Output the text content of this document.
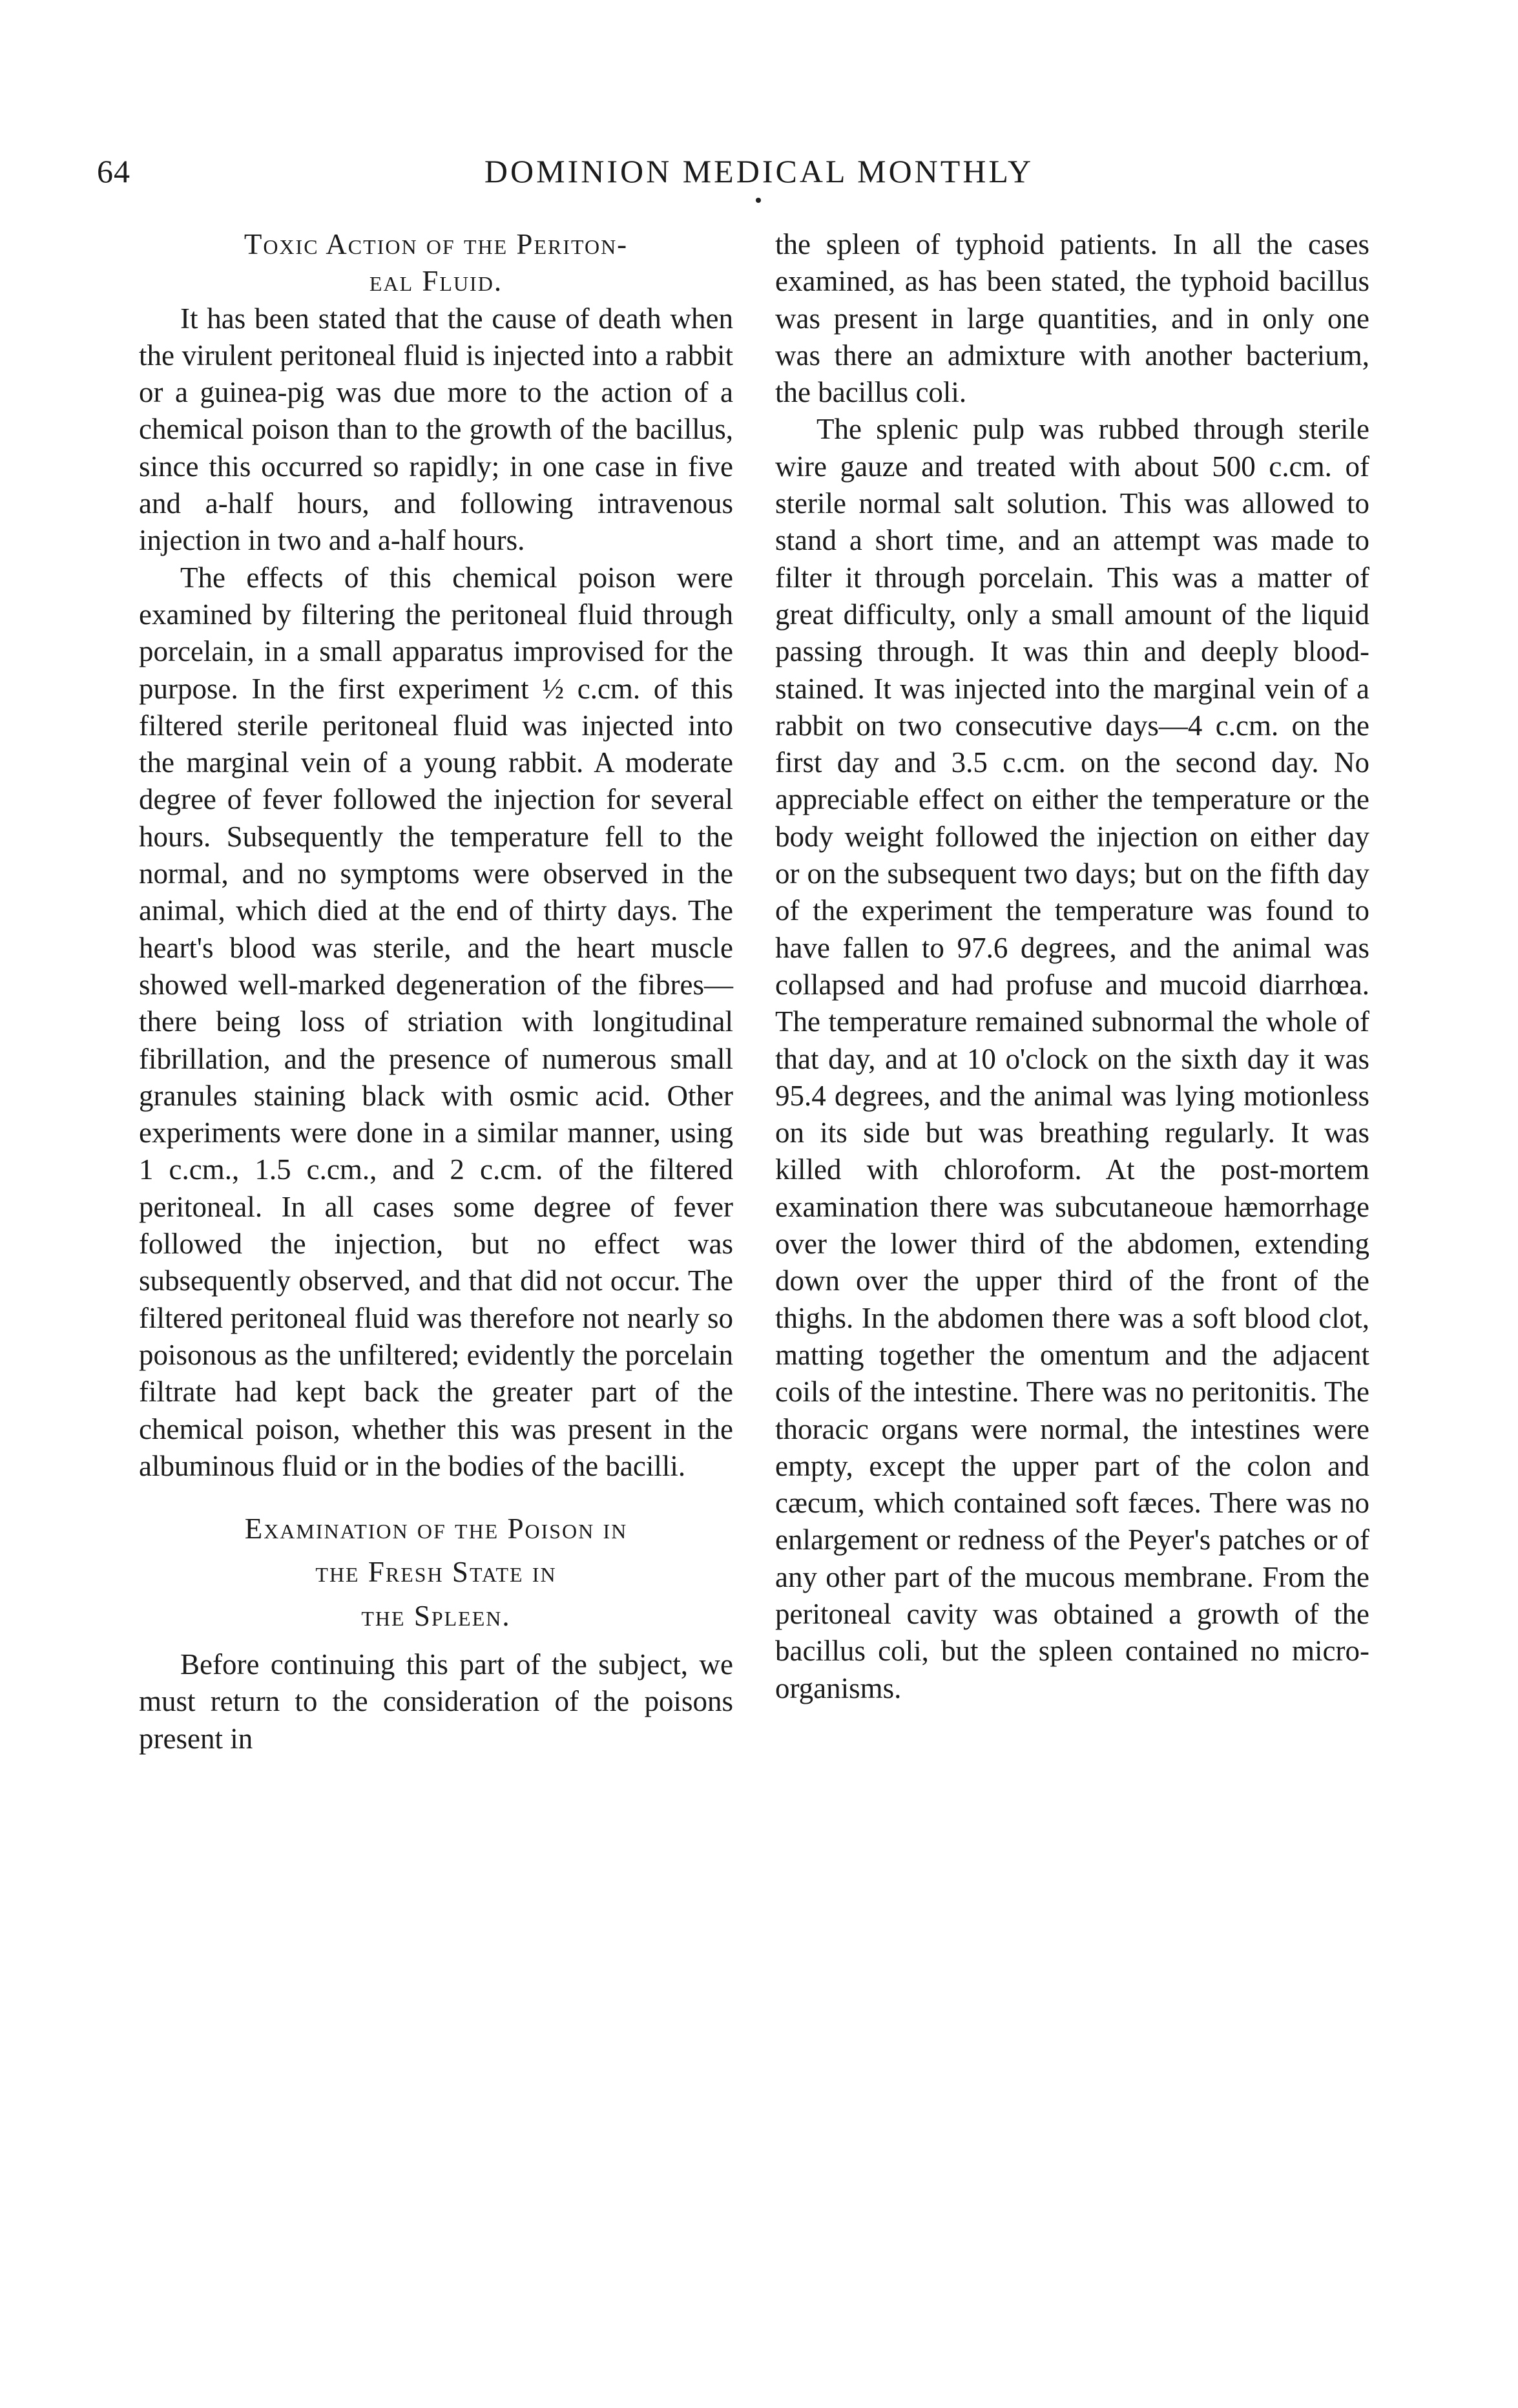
64	DOMINION MEDICAL MONTHLY
Toxic Action of the Periton-
eal Fluid.

It has been stated that the cause of death when the virulent peritoneal fluid is injected into a rabbit or a guinea-pig was due more to the action of a chemical poison than to the growth of the bacillus, since this occurred so rapidly; in one case in five and a-half hours, and following intravenous injection in two and a-half hours.

The effects of this chemical poison were examined by filtering the peritoneal fluid through porcelain, in a small apparatus improvised for the purpose. In the first experiment ½ c.cm. of this filtered sterile peritoneal fluid was injected into the marginal vein of a young rabbit. A moderate degree of fever followed the injection for several hours. Subsequently the temperature fell to the normal, and no symptoms were observed in the animal, which died at the end of thirty days. The heart's blood was sterile, and the heart muscle showed well-marked degeneration of the fibres—there being loss of striation with longitudinal fibrillation, and the presence of numerous small granules staining black with osmic acid. Other experiments were done in a similar manner, using 1 c.cm., 1.5 c.cm., and 2 c.cm. of the filtered peritoneal. In all cases some degree of fever followed the injection, but no effect was subsequently observed, and that did not occur. The filtered peritoneal fluid was therefore not nearly so poisonous as the unfiltered; evidently the porcelain filtrate had kept back the greater part of the chemical poison, whether this was present in the albuminous fluid or in the bodies of the bacilli.

Examination of the Poison in
the Fresh State in
the Spleen.

Before continuing this part of the subject, we must return to the consideration of the poisons present in

the spleen of typhoid patients. In all the cases examined, as has been stated, the typhoid bacillus was present in large quantities, and in only one was there an admixture with another bacterium, the bacillus coli.

The splenic pulp was rubbed through sterile wire gauze and treated with about 500 c.cm. of sterile normal salt solution. This was allowed to stand a short time, and an attempt was made to filter it through porcelain. This was a matter of great difficulty, only a small amount of the liquid passing through. It was thin and deeply blood-stained. It was injected into the marginal vein of a rabbit on two consecutive days—4 c.cm. on the first day and 3.5 c.cm. on the second day. No appreciable effect on either the temperature or the body weight followed the injection on either day or on the subsequent two days; but on the fifth day of the experiment the temperature was found to have fallen to 97.6 degrees, and the animal was collapsed and had profuse and mucoid diarrhœa. The temperature remained subnormal the whole of that day, and at 10 o'clock on the sixth day it was 95.4 degrees, and the animal was lying motionless on its side but was breathing regularly. It was killed with chloroform. At the post-mortem examination there was subcutaneoue hæmorrhage over the lower third of the abdomen, extending down over the upper third of the front of the thighs. In the abdomen there was a soft blood clot, matting together the omentum and the adjacent coils of the intestine. There was no peritonitis. The thoracic organs were normal, the intestines were empty, except the upper part of the colon and cæcum, which contained soft fæces. There was no enlargement or redness of the Peyer's patches or of any other part of the mucous membrane. From the peritoneal cavity was obtained a growth of the bacillus coli, but the spleen contained no micro-organisms.
